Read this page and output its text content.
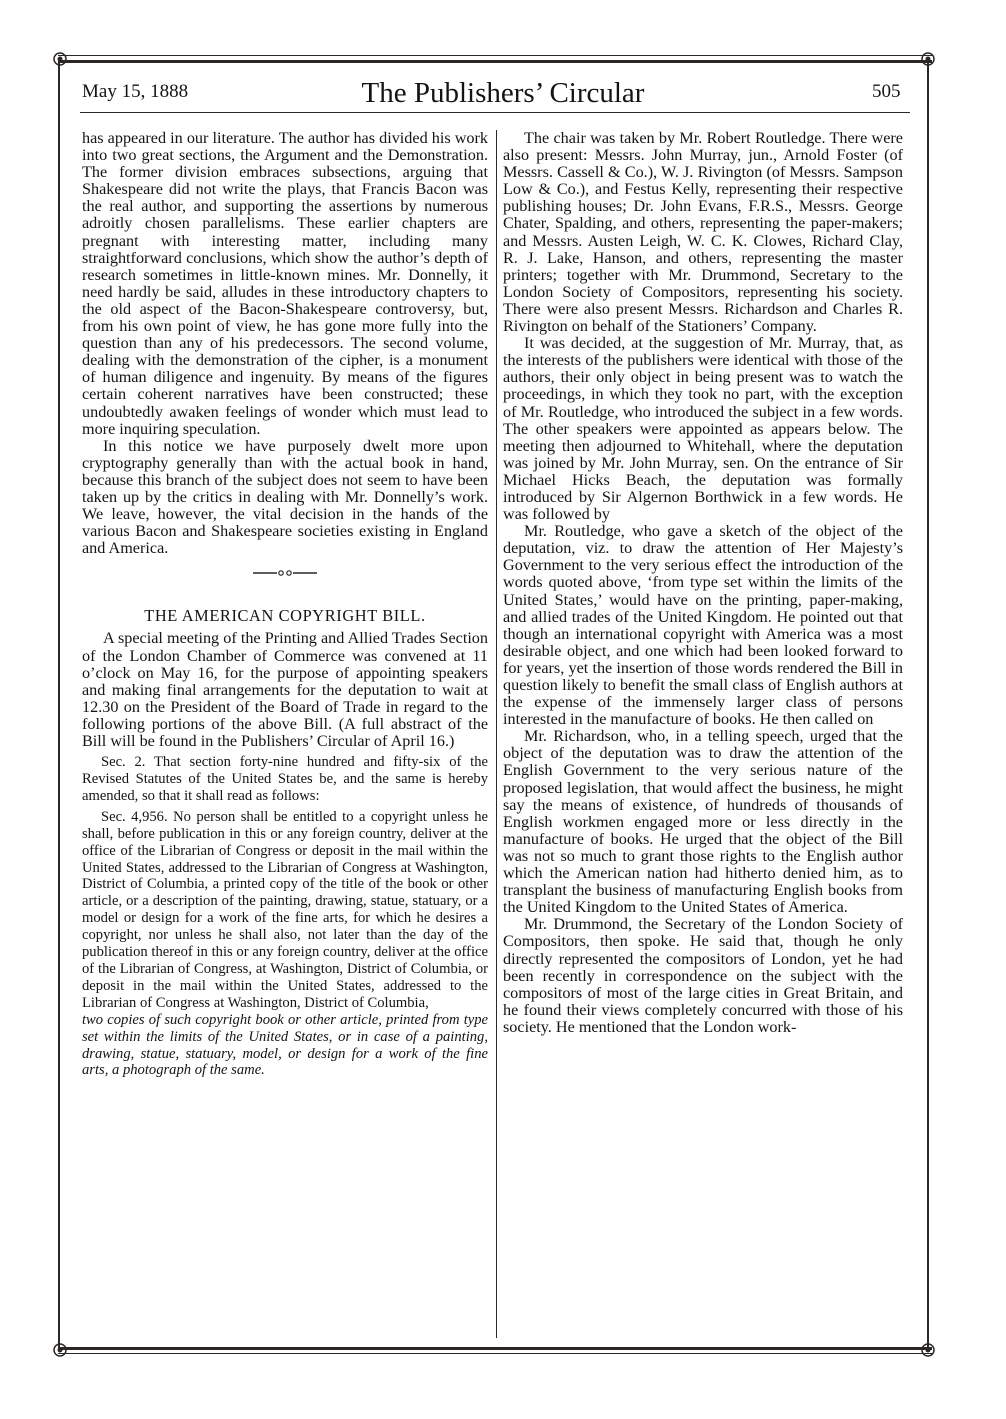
May 15, 1888	The Publishers’ Circular	505

has appeared in our literature. The author has divided his work into two great sections, the Argument and the Demonstration. The former division embraces subsections, arguing that Shakespeare did not write the plays, that Francis Bacon was the real author, and supporting the assertions by numerous adroitly chosen parallelisms. These earlier chapters are pregnant with interesting matter, including many straightforward conclusions, which show the author’s depth of research sometimes in little-known mines. Mr. Donnelly, it need hardly be said, alludes in these introductory chapters to the old aspect of the Bacon-Shakespeare controversy, but, from his own point of view, he has gone more fully into the question than any of his predecessors. The second volume, dealing with the demonstration of the cipher, is a monument of human diligence and ingenuity. By means of the figures certain coherent narratives have been constructed; these undoubtedly awaken feelings of wonder which must lead to more inquiring speculation.

In this notice we have purposely dwelt more upon cryptography generally than with the actual book in hand, because this branch of the subject does not seem to have been taken up by the critics in dealing with Mr. Donnelly’s work. We leave, however, the vital decision in the hands of the various Bacon and Shakespeare societies existing in England and America.

THE AMERICAN COPYRIGHT BILL.

A special meeting of the Printing and Allied Trades Section of the London Chamber of Commerce was convened at 11 o’clock on May 16, for the purpose of appointing speakers and making final arrangements for the deputation to wait at 12.30 on the President of the Board of Trade in regard to the following portions of the above Bill. (A full abstract of the Bill will be found in the Publishers’ Circular of April 16.)

Sec. 2. That section forty-nine hundred and fifty-six of the Revised Statutes of the United States be, and the same is hereby amended, so that it shall read as follows:

Sec. 4,956. No person shall be entitled to a copyright unless he shall, before publication in this or any foreign country, deliver at the office of the Librarian of Congress or deposit in the mail within the United States, addressed to the Librarian of Congress at Washington, District of Columbia, a printed copy of the title of the book or other article, or a description of the painting, drawing, statue, statuary, or a model or design for a work of the fine arts, for which he desires a copyright, nor unless he shall also, not later than the day of the publication thereof in this or any foreign country, deliver at the office of the Librarian of Congress, at Washington, District of Columbia, or deposit in the mail within the United States, addressed to the Librarian of Congress at Washington, District of Columbia,

two copies of such copyright book or other article, printed from type set within the limits of the United States, or in case of a painting, drawing, statue, statuary, model, or design for a work of the fine arts, a photograph of the same.

The chair was taken by Mr. Robert Routledge. There were also present: Messrs. John Murray, jun., Arnold Foster (of Messrs. Cassell & Co.), W. J. Rivington (of Messrs. Sampson Low & Co.), and Festus Kelly, representing their respective publishing houses; Dr. John Evans, F.R.S., Messrs. George Chater, Spalding, and others, representing the paper-makers; and Messrs. Austen Leigh, W. C. K. Clowes, Richard Clay, R. J. Lake, Hanson, and others, representing the master printers; together with Mr. Drummond, Secretary to the London Society of Compositors, representing his society. There were also present Messrs. Richardson and Charles R. Rivington on behalf of the Stationers’ Company.

It was decided, at the suggestion of Mr. Murray, that, as the interests of the publishers were identical with those of the authors, their only object in being present was to watch the proceedings, in which they took no part, with the exception of Mr. Routledge, who introduced the subject in a few words. The other speakers were appointed as appears below. The meeting then adjourned to Whitehall, where the deputation was joined by Mr. John Murray, sen. On the entrance of Sir Michael Hicks Beach, the deputation was formally introduced by Sir Algernon Borthwick in a few words. He was followed by

Mr. Routledge, who gave a sketch of the object of the deputation, viz. to draw the attention of Her Majesty’s Government to the very serious effect the introduction of the words quoted above, ‘from type set within the limits of the United States,’ would have on the printing, paper-making, and allied trades of the United Kingdom. He pointed out that though an international copyright with America was a most desirable object, and one which had been looked forward to for years, yet the insertion of those words rendered the Bill in question likely to benefit the small class of English authors at the expense of the immensely larger class of persons interested in the manufacture of books. He then called on

Mr. Richardson, who, in a telling speech, urged that the object of the deputation was to draw the attention of the English Government to the very serious nature of the proposed legislation, that would affect the business, he might say the means of existence, of hundreds of thousands of English workmen engaged more or less directly in the manufacture of books. He urged that the object of the Bill was not so much to grant those rights to the English author which the American nation had hitherto denied him, as to transplant the business of manufacturing English books from the United Kingdom to the United States of America.

Mr. Drummond, the Secretary of the London Society of Compositors, then spoke. He said that, though he only directly represented the compositors of London, yet he had been recently in correspondence on the subject with the compositors of most of the large cities in Great Britain, and he found their views completely concurred with those of his society. He mentioned that the London work-
